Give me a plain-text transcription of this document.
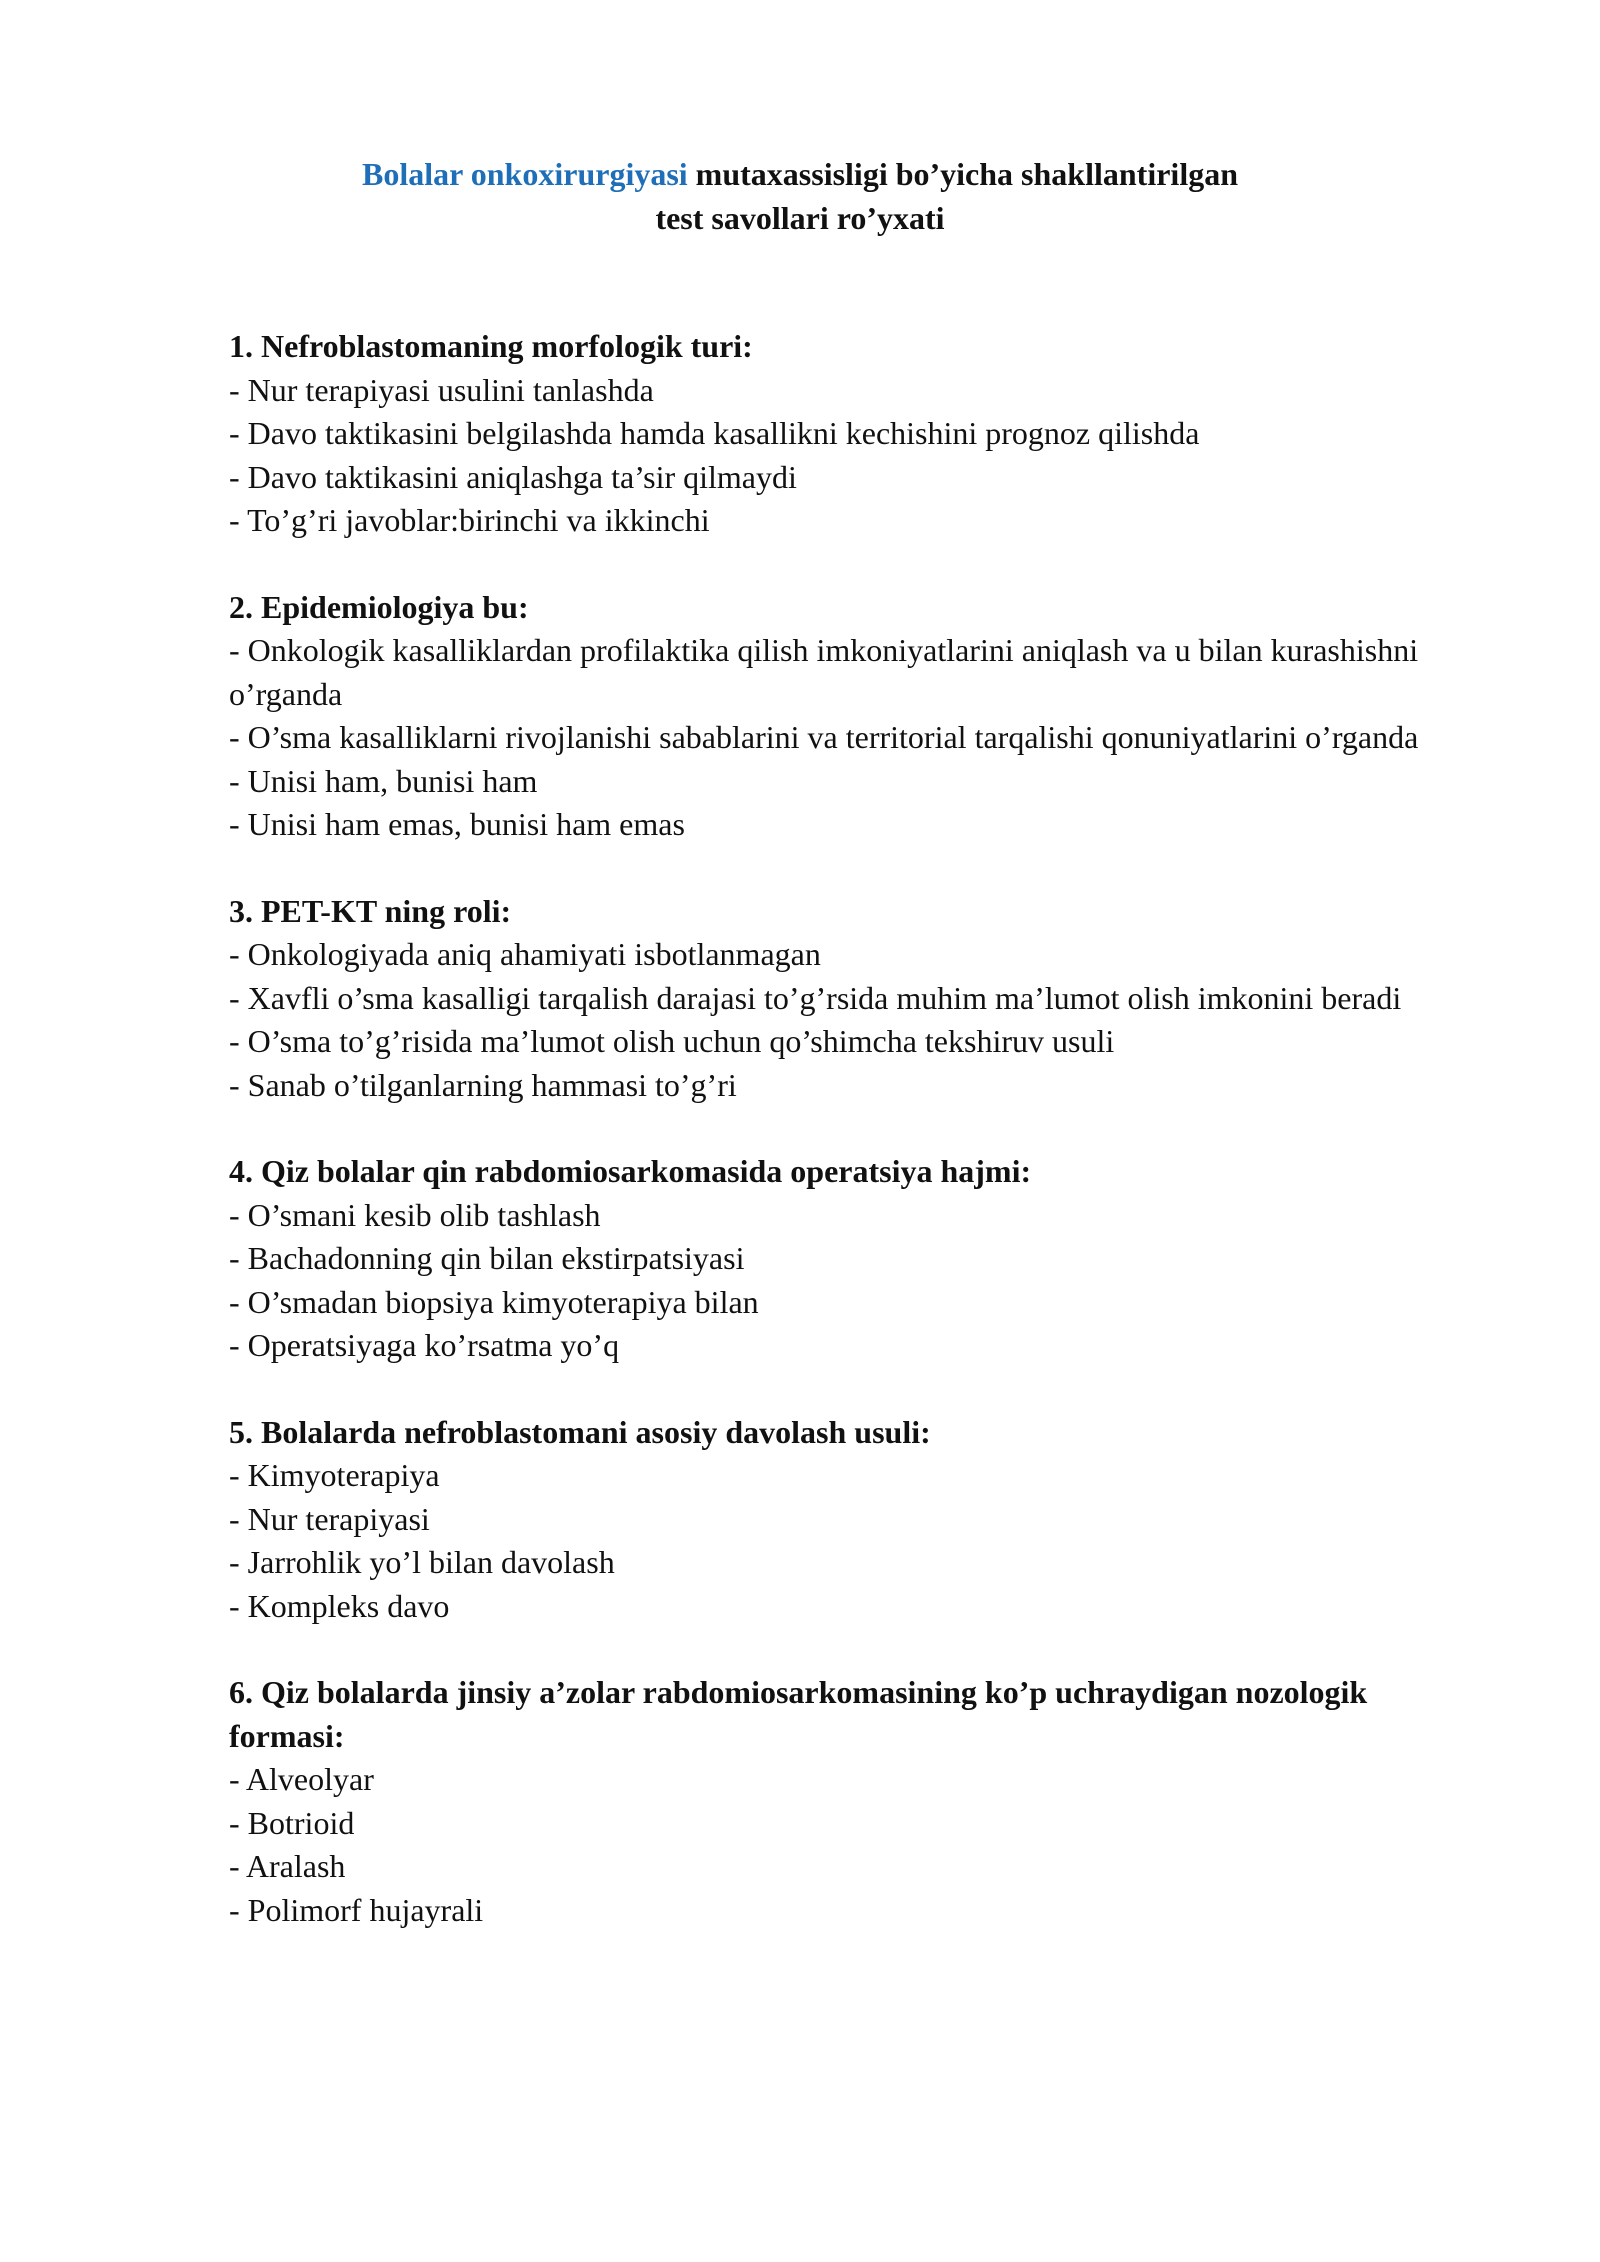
Bolalar onkoxirurgiyasi mutaxassisligi bo’yicha shakllantirilgan
test savollari ro’yxati
1. Nefroblastomaning morfologik turi:
- Nur terapiyasi usulini tanlashda
- Davo taktikasini belgilashda hamda kasallikni kechishini prognoz qilishda
- Davo taktikasini aniqlashga ta’sir qilmaydi
- To’g’ri javoblar:birinchi va ikkinchi
2. Epidemiologiya bu:
- Onkologik kasalliklardan profilaktika qilish imkoniyatlarini aniqlash va u bilan kurashishni o’rganda
- O’sma kasalliklarni rivojlanishi sabablarini va territorial tarqalishi qonuniyatlarini o’rganda
- Unisi ham, bunisi ham
- Unisi ham emas, bunisi ham emas
3. PET-KT ning roli:
- Onkologiyada aniq ahamiyati isbotlanmagan
- Xavfli o’sma kasalligi tarqalish darajasi to’g’rsida muhim ma’lumot olish imkonini beradi
- O’sma to’g’risida ma’lumot olish uchun qo’shimcha tekshiruv usuli
- Sanab o’tilganlarning hammasi to’g’ri
4. Qiz bolalar qin rabdomiosarkomasida operatsiya hajmi:
- O’smani kesib olib tashlash
- Bachadonning qin bilan ekstirpatsiyasi
- O’smadan biopsiya kimyoterapiya bilan
- Operatsiyaga ko’rsatma yo’q
5. Bolalarda nefroblastomani asosiy davolash usuli:
- Kimyoterapiya
- Nur terapiyasi
- Jarrohlik yo’l bilan davolash
- Kompleks davo
6. Qiz bolalarda jinsiy a’zolar rabdomiosarkomasining ko’p uchraydigan nozologik formasi:
- Alveolyar
- Botrioid
- Aralash
- Polimorf hujayrali
